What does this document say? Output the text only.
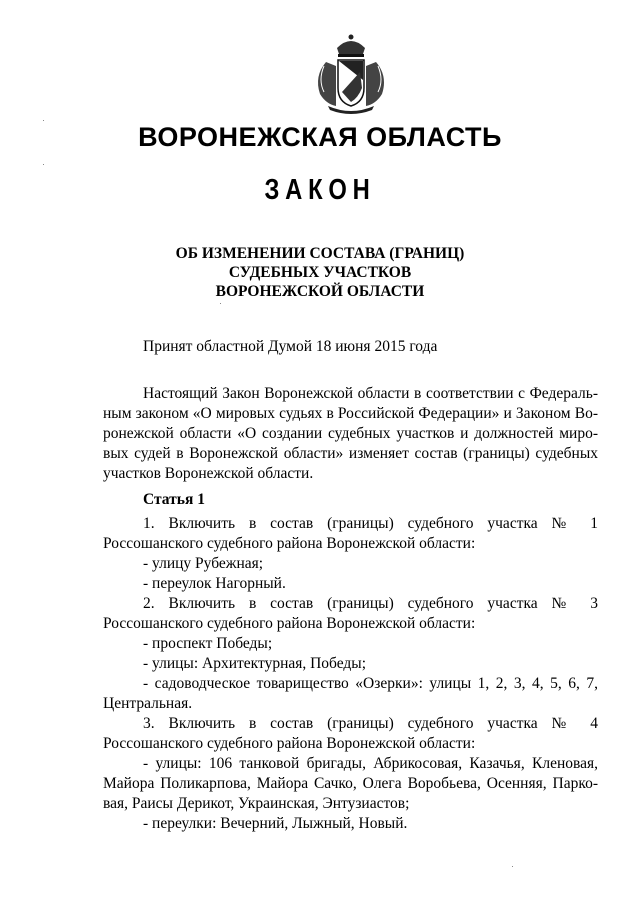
ВОРОНЕЖСКАЯ ОБЛАСТЬ
ЗАКОН
ОБ ИЗМЕНЕНИИ СОСТАВА (ГРАНИЦ)
СУДЕБНЫХ УЧАСТКОВ
ВОРОНЕЖСКОЙ ОБЛАСТИ
Принят областной Думой 18 июня 2015 года

Настоящий Закон Воронежской области в соответствии с Федеральным законом «О мировых судьях в Российской Федерации» и Законом Воронежской области «О создании судебных участков и должностей мировых судей в Воронежской области» изменяет состав (границы) судебных участков Воронежской области.

Статья 1

1. Включить в состав (границы) судебного участка № 1 Россошанского судебного района Воронежской области:

- улицу Рубежная;

- переулок Нагорный.

2. Включить в состав (границы) судебного участка № 3 Россошанского судебного района Воронежской области:

- проспект Победы;

- улицы: Архитектурная, Победы;

- садоводческое товарищество «Озерки»: улицы 1, 2, 3, 4, 5, 6, 7, Центральная.

3. Включить в состав (границы) судебного участка № 4 Россошанского судебного района Воронежской области:

- улицы: 106 танковой бригады, Абрикосовая, Казачья, Кленовая, Майора Поликарпова, Майора Сачко, Олега Воробьева, Осенняя, Парковая, Раисы Дерикот, Украинская, Энтузиастов;

- переулки: Вечерний, Лыжный, Новый.
